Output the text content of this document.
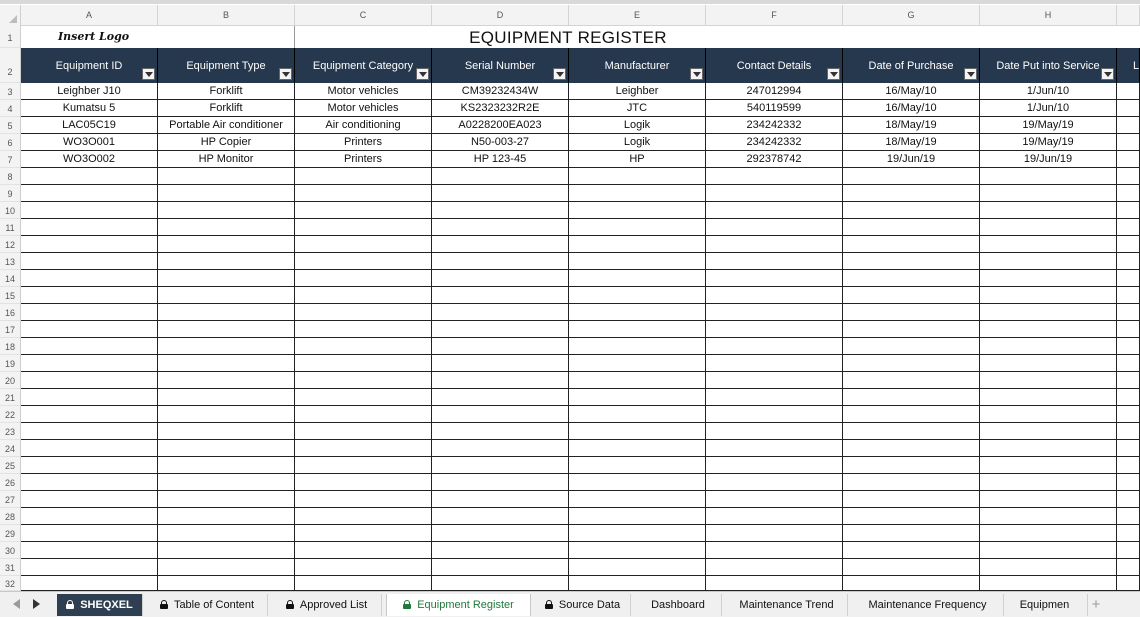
A	B	C	D	E	F	G	H
1
2
3
4
5
6
7
8
9
10
11
12
13
14
15
16
17
18
19
20
21
22
23
24
25
26
27
28
29
30
31
32
Insert Logo	EQUIPMENT REGISTER
Equipment ID	Equipment Type	Equipment Category	Serial Number	Manufacturer	Contact Details	Date of Purchase	Date Put into Service	L
Leighber J10	Forklift	Motor vehicles	CM39232434W	Leighber	247012994	16/May/10	1/Jun/10
Kumatsu 5	Forklift	Motor vehicles	KS2323232R2E	JTC	540119599	16/May/10	1/Jun/10
LAC05C19	Portable Air conditioner	Air conditioning	A0228200EA023	Logik	234242332	18/May/19	19/May/19
WO3O001	HP Copier	Printers	N50-003-27	Logik	234242332	18/May/19	19/May/19
WO3O002	HP Monitor	Printers	HP 123-45	HP	292378742	19/Jun/19	19/Jun/19
+
SHEQXEL	Table of Content	Approved List	Equipment Register	Source Data	Dashboard	Maintenance Trend	Maintenance Frequency	Equipmen
